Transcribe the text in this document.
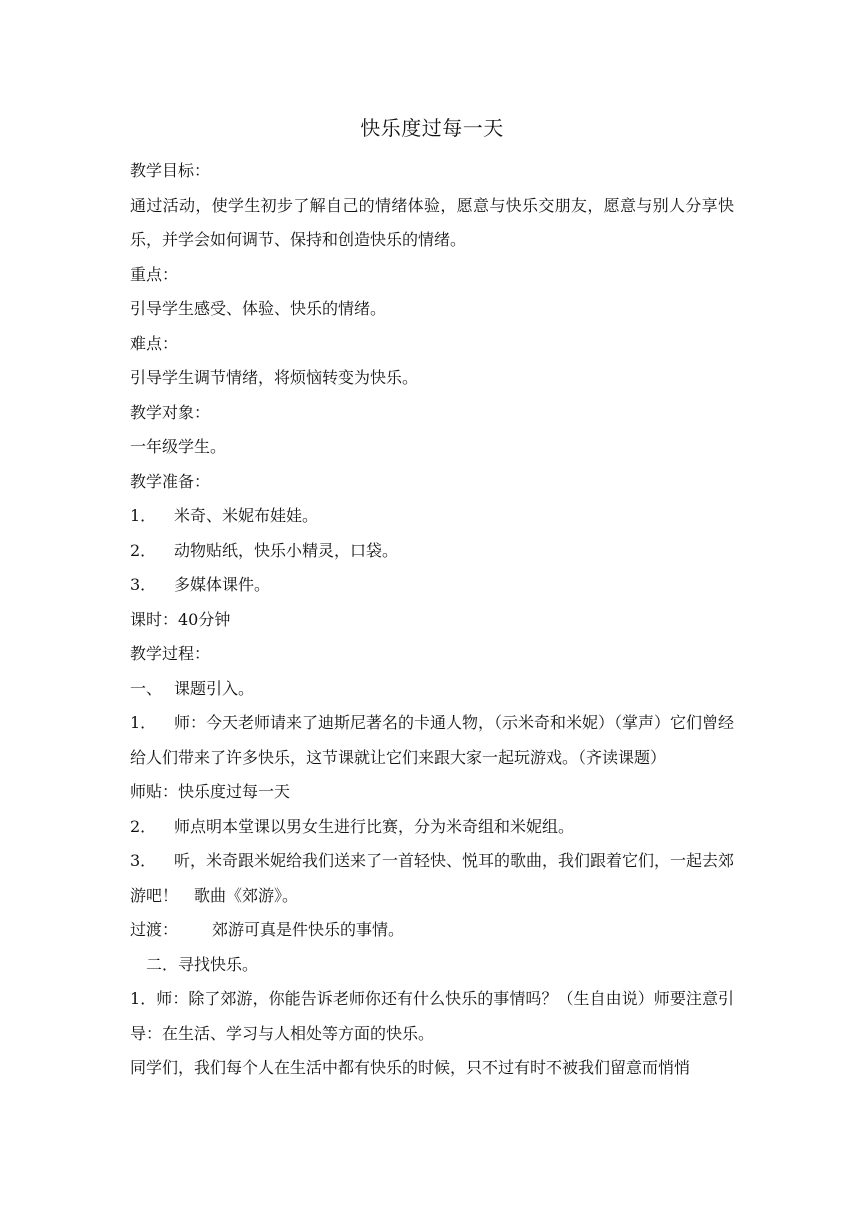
快乐度过每一天

教学目标：

通过活动，使学生初步了解自己的情绪体验，愿意与快乐交朋友，愿意与别人分享快乐，并学会如何调节、保持和创造快乐的情绪。

重点：

引导学生感受、体验、快乐的情绪。

难点：

引导学生调节情绪，将烦恼转变为快乐。

教学对象：

一年级学生。

教学准备：

1． 米奇、米妮布娃娃。

2． 动物贴纸，快乐小精灵，口袋。

3． 多媒体课件。

课时：40分钟

教学过程：

一、 课题引入。

1． 师：今天老师请来了迪斯尼著名的卡通人物，（示米奇和米妮）（掌声）它们曾经给人们带来了许多快乐，这节课就让它们来跟大家一起玩游戏。（齐读课题）

师贴：快乐度过每一天

2． 师点明本堂课以男女生进行比赛，分为米奇组和米妮组。

3． 听，米奇跟米妮给我们送来了一首轻快、悦耳的歌曲，我们跟着它们，一起去郊游吧！　歌曲《郊游》。

过渡： 郊游可真是件快乐的事情。

二．寻找快乐。

1．师：除了郊游，你能告诉老师你还有什么快乐的事情吗？（生自由说）师要注意引导：在生活、学习与人相处等方面的快乐。

同学们，我们每个人在生活中都有快乐的时候，只不过有时不被我们留意而悄悄
